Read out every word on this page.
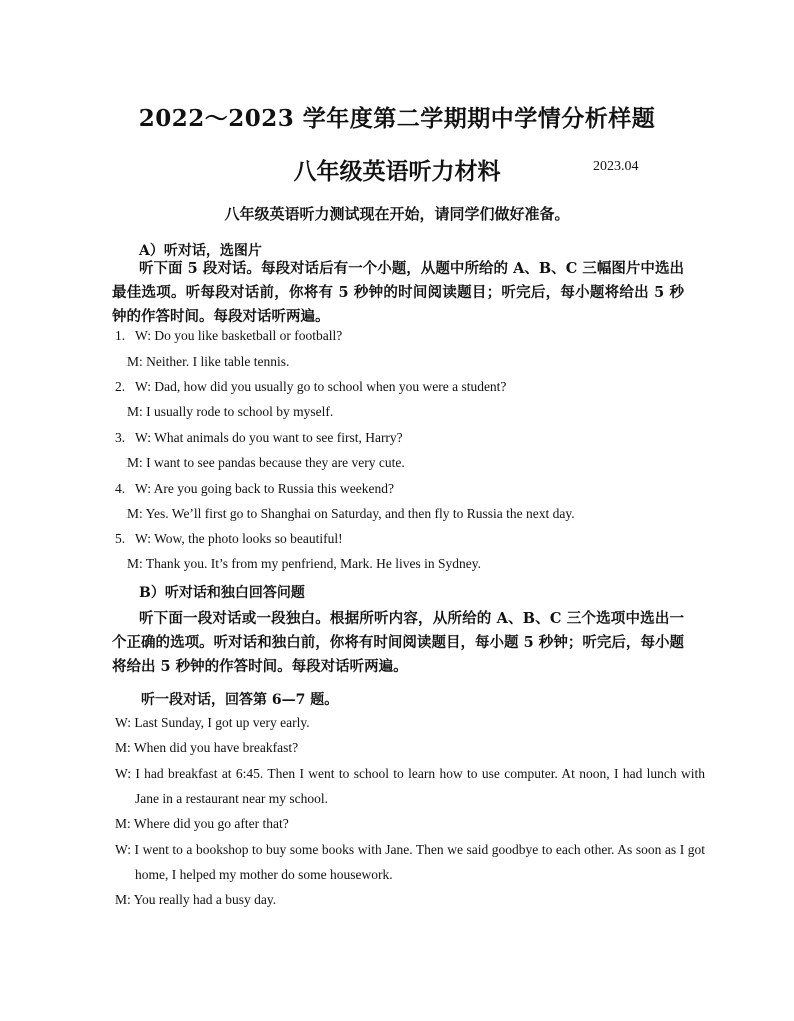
2022～2023 学年度第二学期期中学情分析样题
八年级英语听力材料	2023.04
八年级英语听力测试现在开始，请同学们做好准备。
A）听对话，选图片

听下面 5 段对话。每段对话后有一个小题，从题中所给的 A、B、C 三幅图片中选出最佳选项。听每段对话前，你将有 5 秒钟的时间阅读题目；听完后，每小题将给出 5 秒钟的作答时间。每段对话听两遍。

1. W: Do you like basketball or football?
M: Neither. I like table tennis.
2. W: Dad, how did you usually go to school when you were a student?
M: I usually rode to school by myself.
3. W: What animals do you want to see first, Harry?
M: I want to see pandas because they are very cute.
4. W: Are you going back to Russia this weekend?
M: Yes. We’ll first go to Shanghai on Saturday, and then fly to Russia the next day.
5. W: Wow, the photo looks so beautiful!
M: Thank you. It’s from my penfriend, Mark. He lives in Sydney.
B）听对话和独白回答问题

听下面一段对话或一段独白。根据所听内容，从所给的 A、B、C 三个选项中选出一个正确的选项。听对话和独白前，你将有时间阅读题目，每小题 5 秒钟；听完后，每小题将给出 5 秒钟的作答时间。每段对话听两遍。

听一段对话，回答第 6—7 题。

W: Last Sunday, I got up very early.

M: When did you have breakfast?

W: I had breakfast at 6:45. Then I went to school to learn how to use computer. At noon, I had lunch with Jane in a restaurant near my school.

M: Where did you go after that?

W: I went to a bookshop to buy some books with Jane. Then we said goodbye to each other. As soon as I got home, I helped my mother do some housework.

M: You really had a busy day.
